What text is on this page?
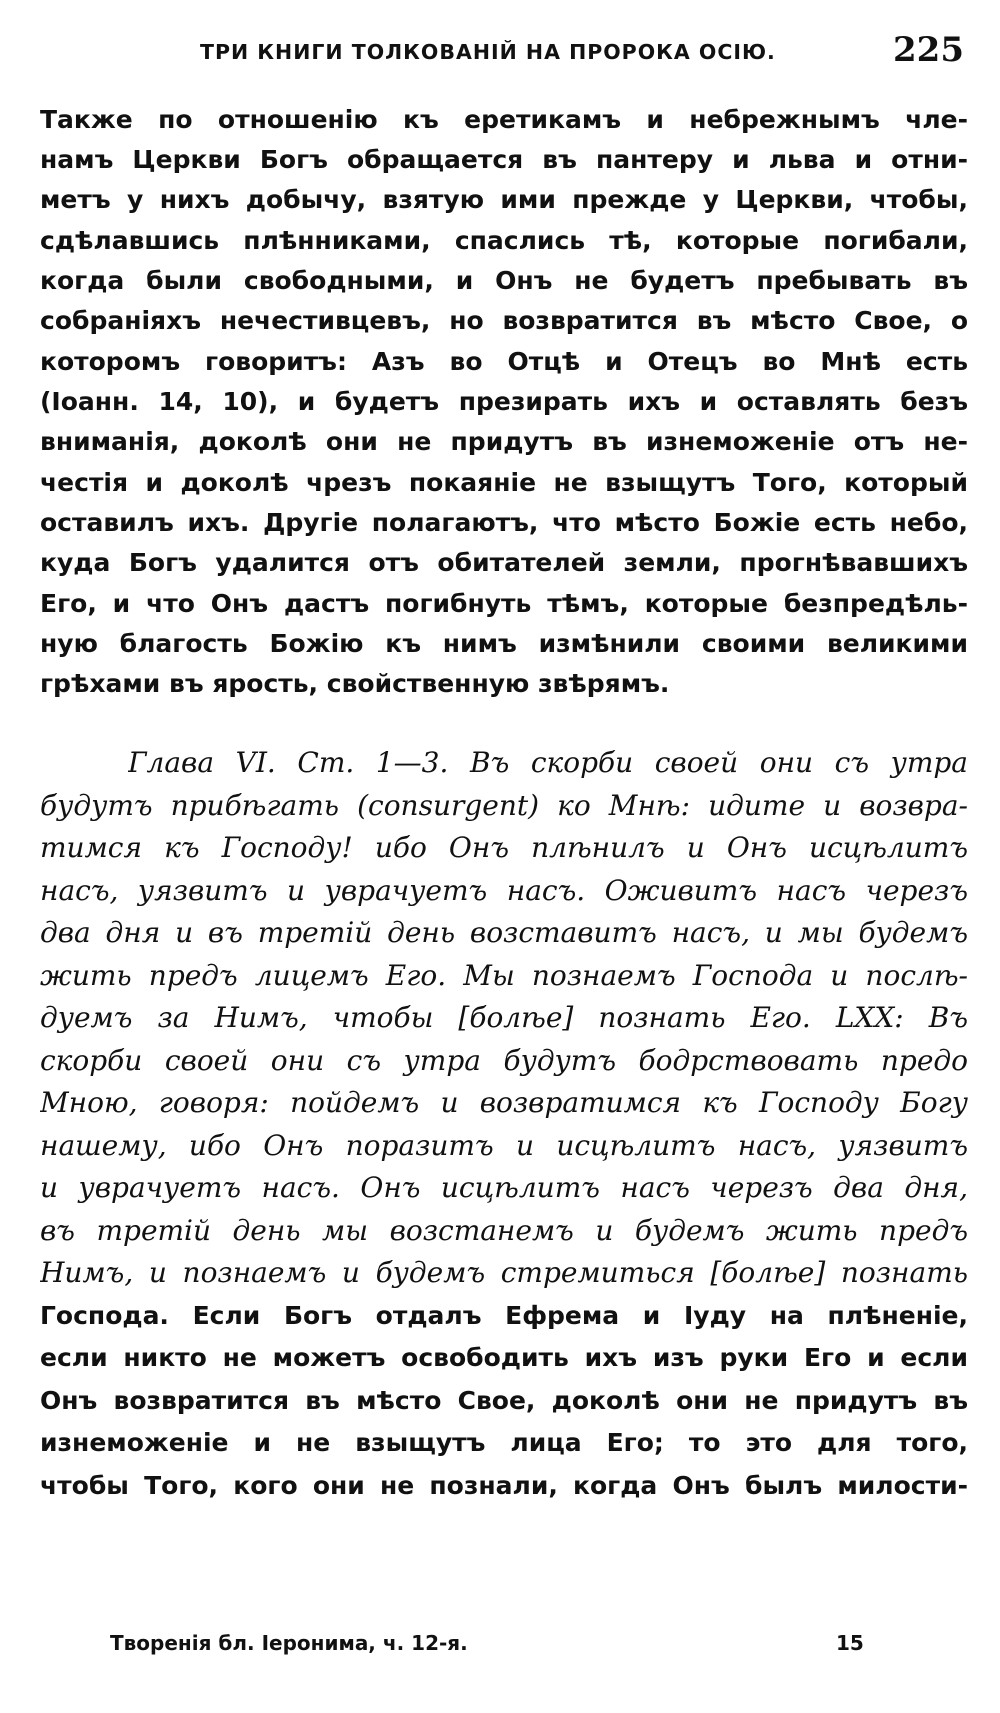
ТРИ КНИГИ ТОЛКОВАНІЙ НА ПРОРОКА ОСІЮ.	225
Также по отношенію къ еретикамъ и небрежнымъ чле-
намъ Церкви Богъ обращается въ пантеру и льва и отни-
метъ у нихъ добычу, взятую ими прежде у Церкви, чтобы,
сдѣлавшись плѣнниками, спаслись тѣ, которые погибали,
когда были свободными, и Онъ не будетъ пребывать въ
собраніяхъ нечестивцевъ, но возвратится въ мѣсто Свое, о
которомъ говоритъ: Азъ во Отцѣ и Отецъ во Мнѣ есть
(Іоанн. 14, 10), и будетъ презирать ихъ и оставлять безъ
вниманія, доколѣ они не придутъ въ изнеможеніе отъ не-
честія и доколѣ чрезъ покаяніе не взыщутъ Того, который
оставилъ ихъ. Другіе полагаютъ, что мѣсто Божіе есть небо,
куда Богъ удалится отъ обитателей земли, прогнѣвавшихъ
Его, и что Онъ дастъ погибнуть тѣмъ, которые безпредѣль-
ную благость Божію къ нимъ измѣнили своими великими
грѣхами въ ярость, свойственную звѣрямъ.
Глава VI. Ст. 1—3. Въ скорби своей они съ утра
будутъ прибѣгать (consurgent) ко Мнѣ: идите и возвра-
тимся къ Господу! ибо Онъ плѣнилъ и Онъ исцѣлитъ
насъ, уязвитъ и уврачуетъ насъ. Оживитъ насъ черезъ
два дня и въ третій день возставитъ насъ, и мы будемъ
жить предъ лицемъ Его. Мы познаемъ Господа и послѣ-
дуемъ за Нимъ, чтобы [болѣе] познать Его. LXX: Въ
скорби своей они съ утра будутъ бодрствовать предо
Мною, говоря: пойдемъ и возвратимся къ Господу Богу
нашему, ибо Онъ поразитъ и исцѣлитъ насъ, уязвитъ
и уврачуетъ насъ. Онъ исцѣлитъ насъ черезъ два дня,
въ третій день мы возстанемъ и будемъ жить предъ
Нимъ, и познаемъ и будемъ стремиться [болѣе] познать
Господа. Если Богъ отдалъ Ефрема и Іуду на плѣненіе,
если никто не можетъ освободить ихъ изъ руки Его и если
Онъ возвратится въ мѣсто Свое, доколѣ они не придутъ въ
изнеможеніе и не взыщутъ лица Его; то это для того,
чтобы Того, кого они не познали, когда Онъ былъ милости-
Творенія бл. Іеронима, ч. 12-я.	15
